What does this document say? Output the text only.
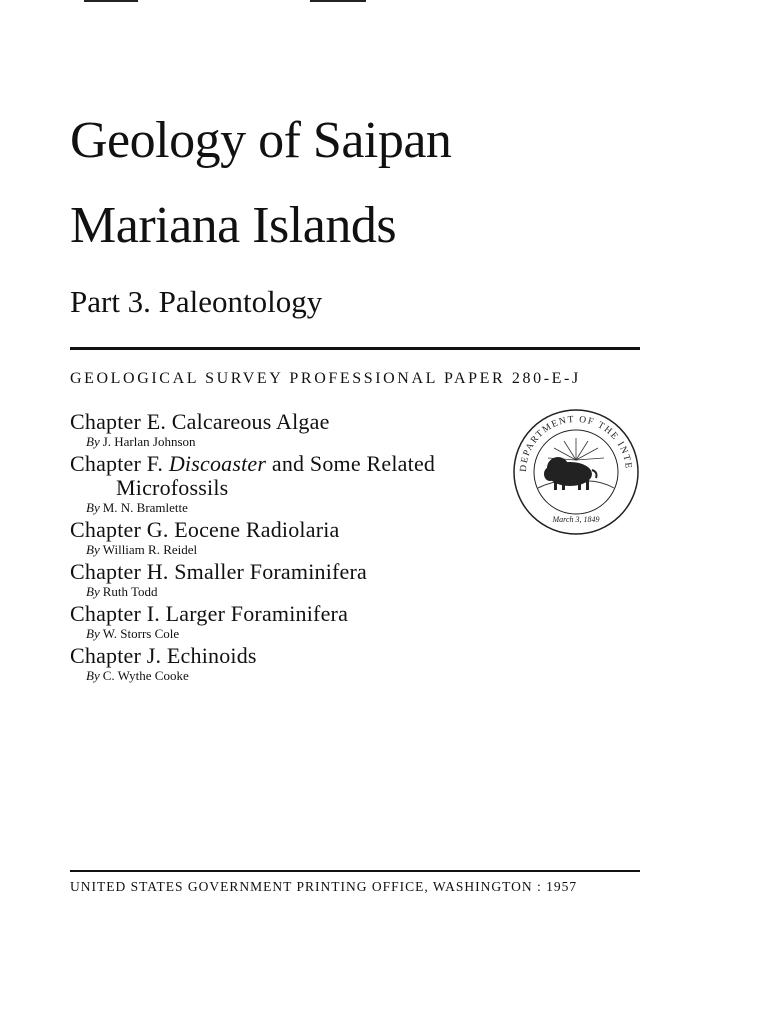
Geology of Saipan
Mariana Islands
Part 3. Paleontology
GEOLOGICAL SURVEY PROFESSIONAL PAPER 280-E-J
Chapter E. Calcareous Algae
By J. Harlan Johnson
Chapter F. Discoaster and Some Related
Microfossils
By M. N. Bramlette
Chapter G. Eocene Radiolaria
By William R. Reidel
Chapter H. Smaller Foraminifera
By Ruth Todd
Chapter I. Larger Foraminifera
By W. Storrs Cole
Chapter J. Echinoids
By C. Wythe Cooke
DEPARTMENT OF THE INTE
March 3, 1849
UNITED STATES GOVERNMENT PRINTING OFFICE, WASHINGTON : 1957
